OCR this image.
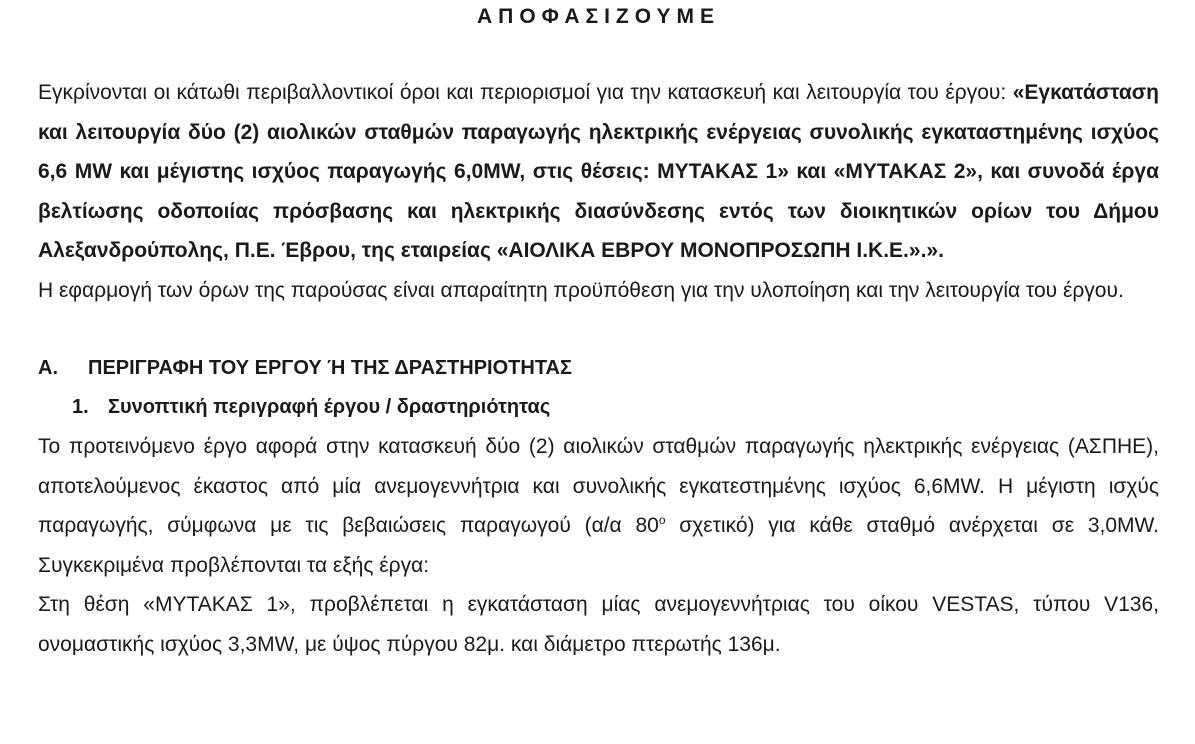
ΑΠΟΦΑΣΙΖΟΥΜΕ

Εγκρίνονται οι κάτωθι περιβαλλοντικοί όροι και περιορισμοί για την κατασκευή και λειτουργία του έργου: «Εγκατάσταση και λειτουργία δύο (2) αιολικών σταθμών παραγωγής ηλεκτρικής ενέργειας συνολικής εγκαταστημένης ισχύος 6,6 MW και μέγιστης ισχύος παραγωγής 6,0MW, στις θέσεις: ΜΥΤΑΚΑΣ 1» και «ΜΥΤΑΚΑΣ 2», και συνοδά έργα βελτίωσης οδοποιίας πρόσβασης και ηλεκτρικής διασύνδεσης εντός των διοικητικών ορίων του Δήμου Αλεξανδρούπολης, Π.Ε. Έβρου, της εταιρείας «ΑΙΟΛΙΚΑ ΕΒΡΟΥ ΜΟΝΟΠΡΟΣΩΠΗ Ι.Κ.Ε.».».

Η εφαρμογή των όρων της παρούσας είναι απαραίτητη προϋπόθεση για την υλοποίηση και την λειτουργία του έργου.

Α.	ΠΕΡΙΓΡΑΦΗ ΤΟΥ ΕΡΓΟΥ Ή ΤΗΣ ΔΡΑΣΤΗΡΙΟΤΗΤΑΣ
1. Συνοπτική περιγραφή έργου / δραστηριότητας

Το προτεινόμενο έργο αφορά στην κατασκευή δύο (2) αιολικών σταθμών παραγωγής ηλεκτρικής ενέργειας (ΑΣΠΗΕ), αποτελούμενος έκαστος από μία ανεμογεννήτρια και συνολικής εγκατεστημένης ισχύος 6,6MW. Η μέγιστη ισχύς παραγωγής, σύμφωνα με τις βεβαιώσεις παραγωγού (α/α $80^o$ σχετικό) για κάθε σταθμό ανέρχεται σε 3,0MW. Συγκεκριμένα προβλέπονται τα εξής έργα:

Στη θέση «ΜΥΤΑΚΑΣ 1», προβλέπεται η εγκατάσταση μίας ανεμογεννήτριας του οίκου VESTAS, τύπου V136, ονομαστικής ισχύος 3,3MW, με ύψος πύργου 82μ. και διάμετρο πτερωτής 136μ.
